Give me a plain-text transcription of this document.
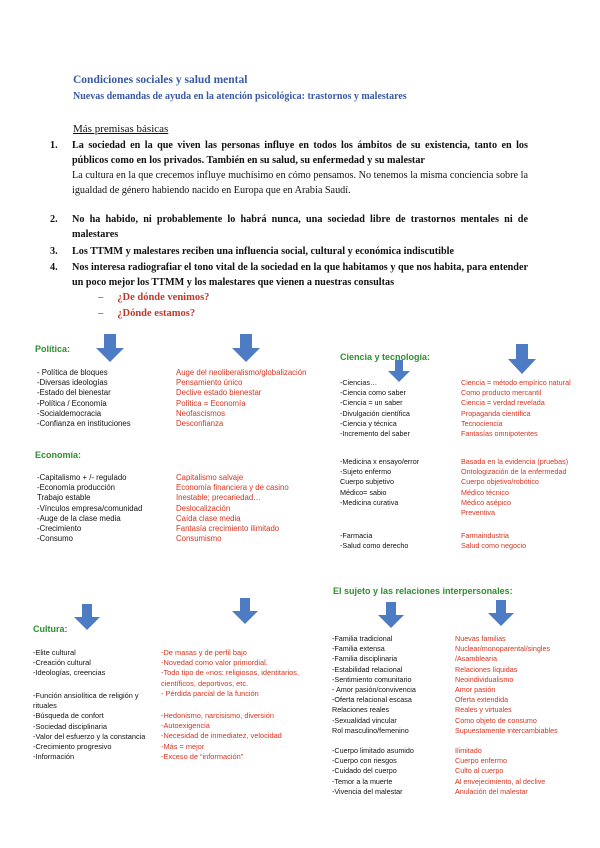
Condiciones sociales y salud mental
Nuevas demandas de ayuda en la atención psicológica: trastornos y malestares
Más premisas básicas
1. La sociedad en la que viven las personas influye en todos los ámbitos de su existencia, tanto en los públicos como en los privados. También en su salud, su enfermedad y su malestar
La cultura en la que crecemos influye muchísimo en cómo pensamos. No tenemos la misma conciencia sobre la igualdad de género habiendo nacido en Europa que en Arabia Saudí.
2. No ha habido, ni probablemente lo habrá nunca, una sociedad libre de trastornos mentales ni de malestares
3. Los TTMM y malestares reciben una influencia social, cultural y económica indiscutible
4. Nos interesa radiografiar el tono vital de la sociedad en la que habitamos y que nos habita, para entender un poco mejor los TTMM y los malestares que vienen a nuestras consultas
– ¿De dónde venimos?
– ¿Dónde estamos?
Política:
- Política de bloques
-Diversas ideologías
-Estado del bienestar
-Política / Economía
-Socialdemocracia
-Confianza en instituciones
Auge del neoliberalismo/globalización
Pensamiento único
Declive estado bienestar
Política = Economía
Neofascismos
Desconfianza
Economía:
-Capitalismo + /- regulado
-Economía producción
Trabajo estable
-Vínculos empresa/comunidad
-Auge de la clase media
-Crecimiento
-Consumo
Capitalismo salvaje
Economía financiera y de casino
Inestable; precariedad…
Deslocalización
Caída clase media
Fantasía crecimiento ilimitado
Consumismo
Ciencia y tecnología:
-Ciencias…
-Ciencia como saber
-Ciencia = un saber
-Divulgación científica
-Ciencia y técnica
-Incremento del saber
Ciencia = método empírico natural
Como producto mercantil
Ciencia = verdad revelada
Propaganda científica
Tecnociencia
Fantasías omnipotentes
-Medicina x ensayo/error
-Sujeto enfermo
Cuerpo subjetivo
Médico= sabio
-Medicina curativa
Basada en la evidencia (pruebas)
Ontologización de la enfermedad
Cuerpo objetivo/robótico
Médico técnico
Médico asépico
Preventiva
-Farmacia
-Salud como derecho
Farmaindustria
Salud como negocio
El sujeto y las relaciones interpersonales:
-Familia tradicional
-Familia extensa
-Familia disciplinaria
-Estabilidad relacional
-Sentimiento comunitario
- Amor pasión/convivencia
-Oferta relacional escasa
Relaciones reales
-Sexualidad vincular
Rol masculino/femenino
Nuevas familias
Nuclear/monoparental/singles
/Asamblearia
Relaciones líquidas
Neoindividualismo
Amor pasión
Oferta extendida
Reales y virtuales
Como objeto de consumo
Supuestamente intercambiables
-Cuerpo limitado asumido
-Cuerpo con riesgos
-Cuidado del cuerpo
-Temor a la muerte
-Vivencia del malestar
Ilimitado
Cuerpo enfermo
Culto al cuerpo
Al envejecimiento, al declive
Anulación del malestar
Cultura:
-Elite cultural
-Creación cultural
-Ideologías, creencias
-De masas y de perfil bajo
-Novedad como valor primordial.
-Todo tipo de «nos: religiosos, identitarios,
científicos, deportivos, etc.
- Pérdida parcial de la función
-Función ansiolítica de religión y
rituales
-Búsqueda de confort
-Sociedad disciplinaria
-Valor del esfuerzo y la constancia
-Crecimiento progresivo
-Información
-Hedonismo, narcisismo, diversión
-Autoexigencia
-Necesidad de inmediatez, velocidad
-Más = mejor
-Exceso de “información”
